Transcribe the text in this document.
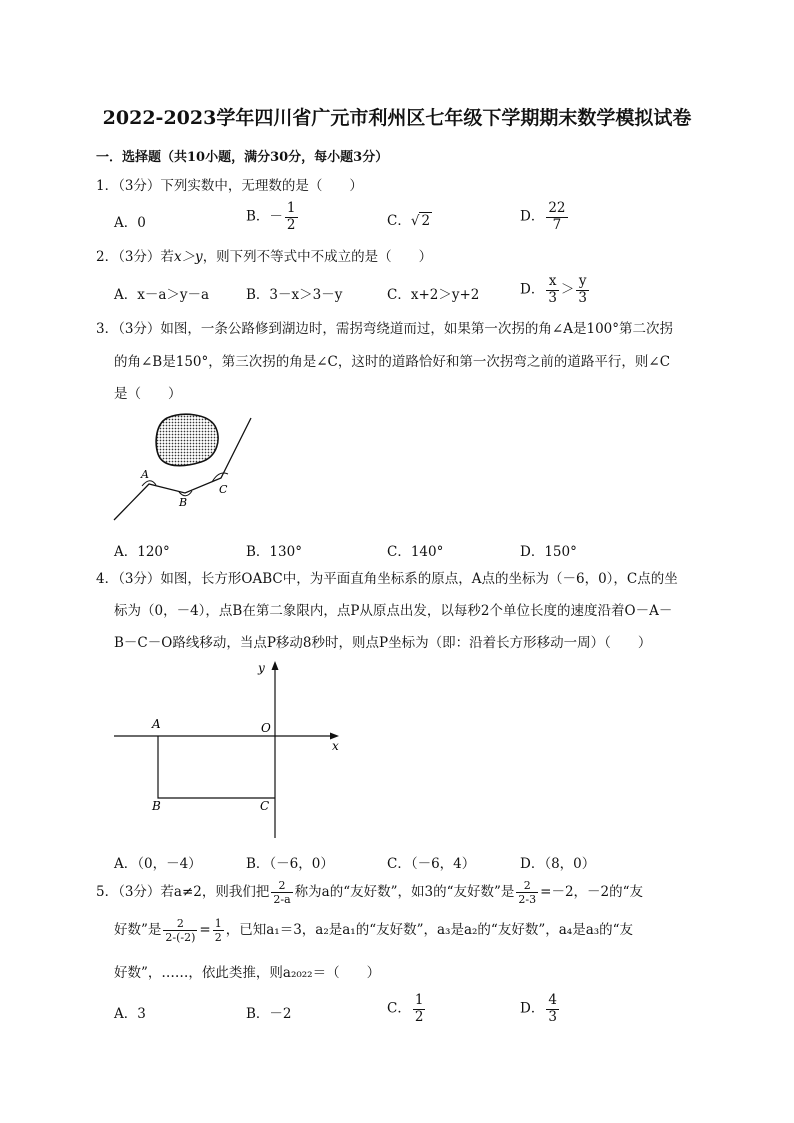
2022-2023学年四川省广元市利州区七年级下学期期末数学模拟试卷
一．选择题（共10小题，满分30分，每小题3分）
1．（3分）下列实数中，无理数的是（　　）
A．0	B．－ $\frac{1}{2}$	C．√ 2	D． $\frac{22}{7}$
2．（3分）若x＞y，则下列不等式中不成立的是（　　）
A．x－a＞y－a	B．3－x＞3－y	C．x+2＞y+2	D． $\frac{x}{3} > \frac{y}{3}$
3．（3分）如图，一条公路修到湖边时，需拐弯绕道而过，如果第一次拐的角∠A是100°第二次拐
的角∠B是150°，第三次拐的角是∠C，这时的道路恰好和第一次拐弯之前的道路平行，则∠C
是（　　）
A
B
C
A．120°	B．130°	C．140°	D．150°
4．（3分）如图，长方形OABC中，为平面直角坐标系的原点，A点的坐标为（－6，0），C点的坐
标为（0，－4），点B在第二象限内，点P从原点出发，以每秒2个单位长度的速度沿着O－A－
B－C－O路线移动，当点P移动8秒时，则点P坐标为（即：沿着长方形移动一周）（　　）
y
x
A	O
B	C
A．（0，－4）	B．（－6，0）	C．（－6，4）	D．（8，0）
5．（3分）若a≠2，则我们把 $\frac{2}{2-a}$ 称为a的“友好数”，如3的“友好数”是 $\frac{2}{2-3} =-2$，－2的“友
好数”是 $\frac{2}{2-(-2)} = \frac{1}{2}$ ，已知a₁＝3，a₂是a₁的“友好数”，a₃是a₂的“友好数”，a₄是a₃的“友
好数”，……，依此类推，则a₂₀₂₂＝（　　）
A．3	B．－2	C． $\frac{1}{2}$	D． $\frac{4}{3}$
